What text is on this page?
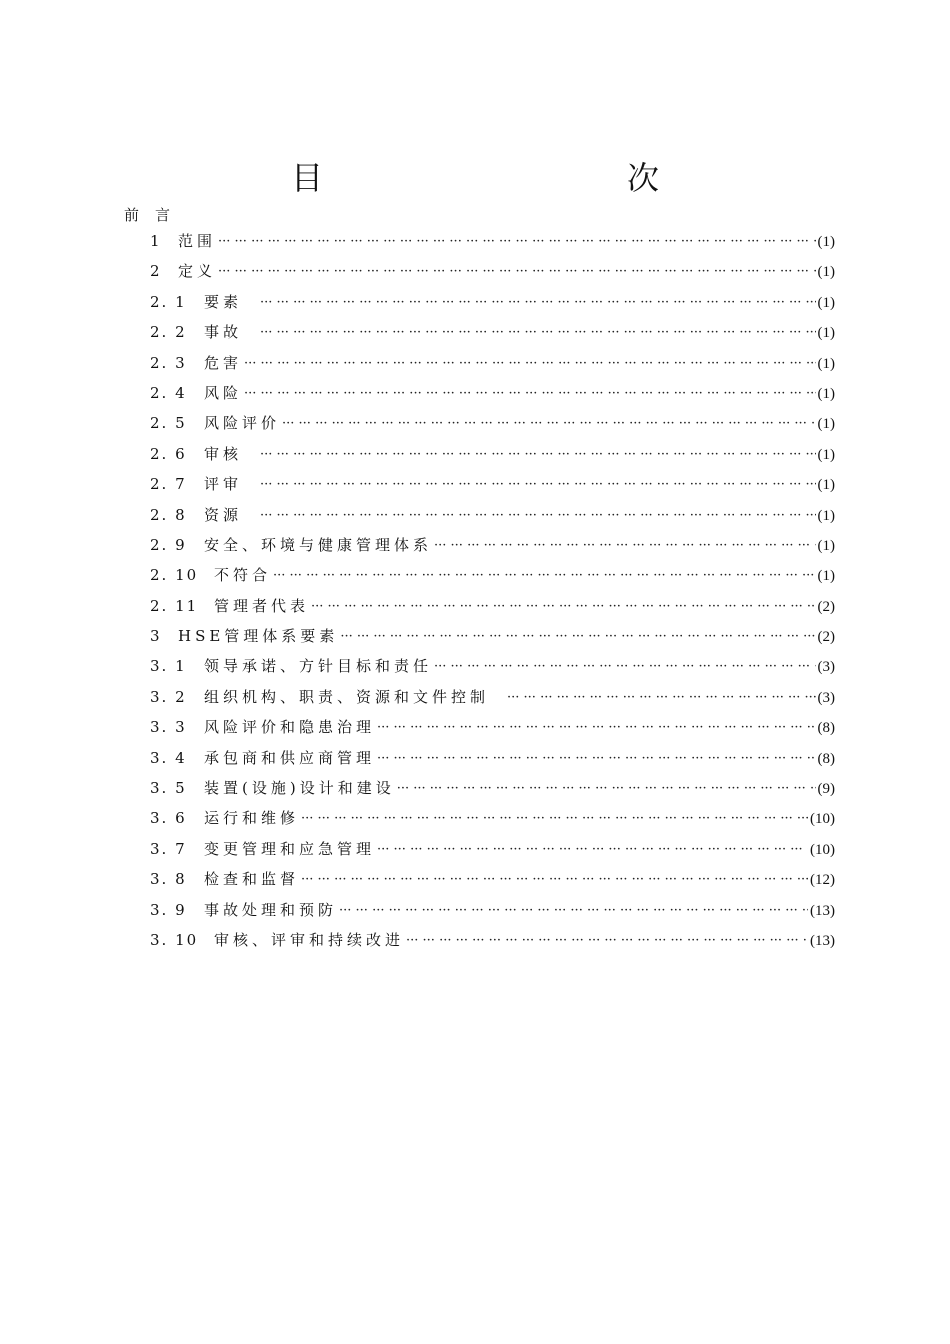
目　　次
前言
1	范围 ··· ·	(1)
2	定义 ··· ·	(1)
2. 1	要素 ··· ·	(1)
2. 2	事故 ··· ·	(1)
2. 3	危害 ··· ·	(1)
2. 4	风险 ··· ·	(1)
2. 5	风险评价 ··· ·	(1)
2. 6	审核 ··· ·	(1)
2. 7	评审 ··· ·	(1)
2. 8	资源 ··· ·	(1)
2. 9	安全、环境与健康管理体系 ··· ·	(1)
2. 10	不符合 ··· ·	(1)
2. 11	管理者代表 ··· ·	(2)
3	HSE管理体系要素 ··· ·	(2)
3. 1	领导承诺、方针目标和责任 ··· ·	(3)
3. 2	组织机构、职责、资源和文件控制 ··· ·	(3)
3. 3	风险评价和隐患治理 ··· ·	(8)
3. 4	承包商和供应商管理 ··· ·	(8)
3. 5	装置(设施)设计和建设 ··· ·	(9)
3. 6	运行和维修 ··· ·	(10)
3. 7	变更管理和应急管理 ··· ·	(10)
3. 8	检查和监督 ··· ·	(12)
3. 9	事故处理和预防 ··· ·	(13)
3. 10	审核、评审和持续改进 ··· ·	(13)
